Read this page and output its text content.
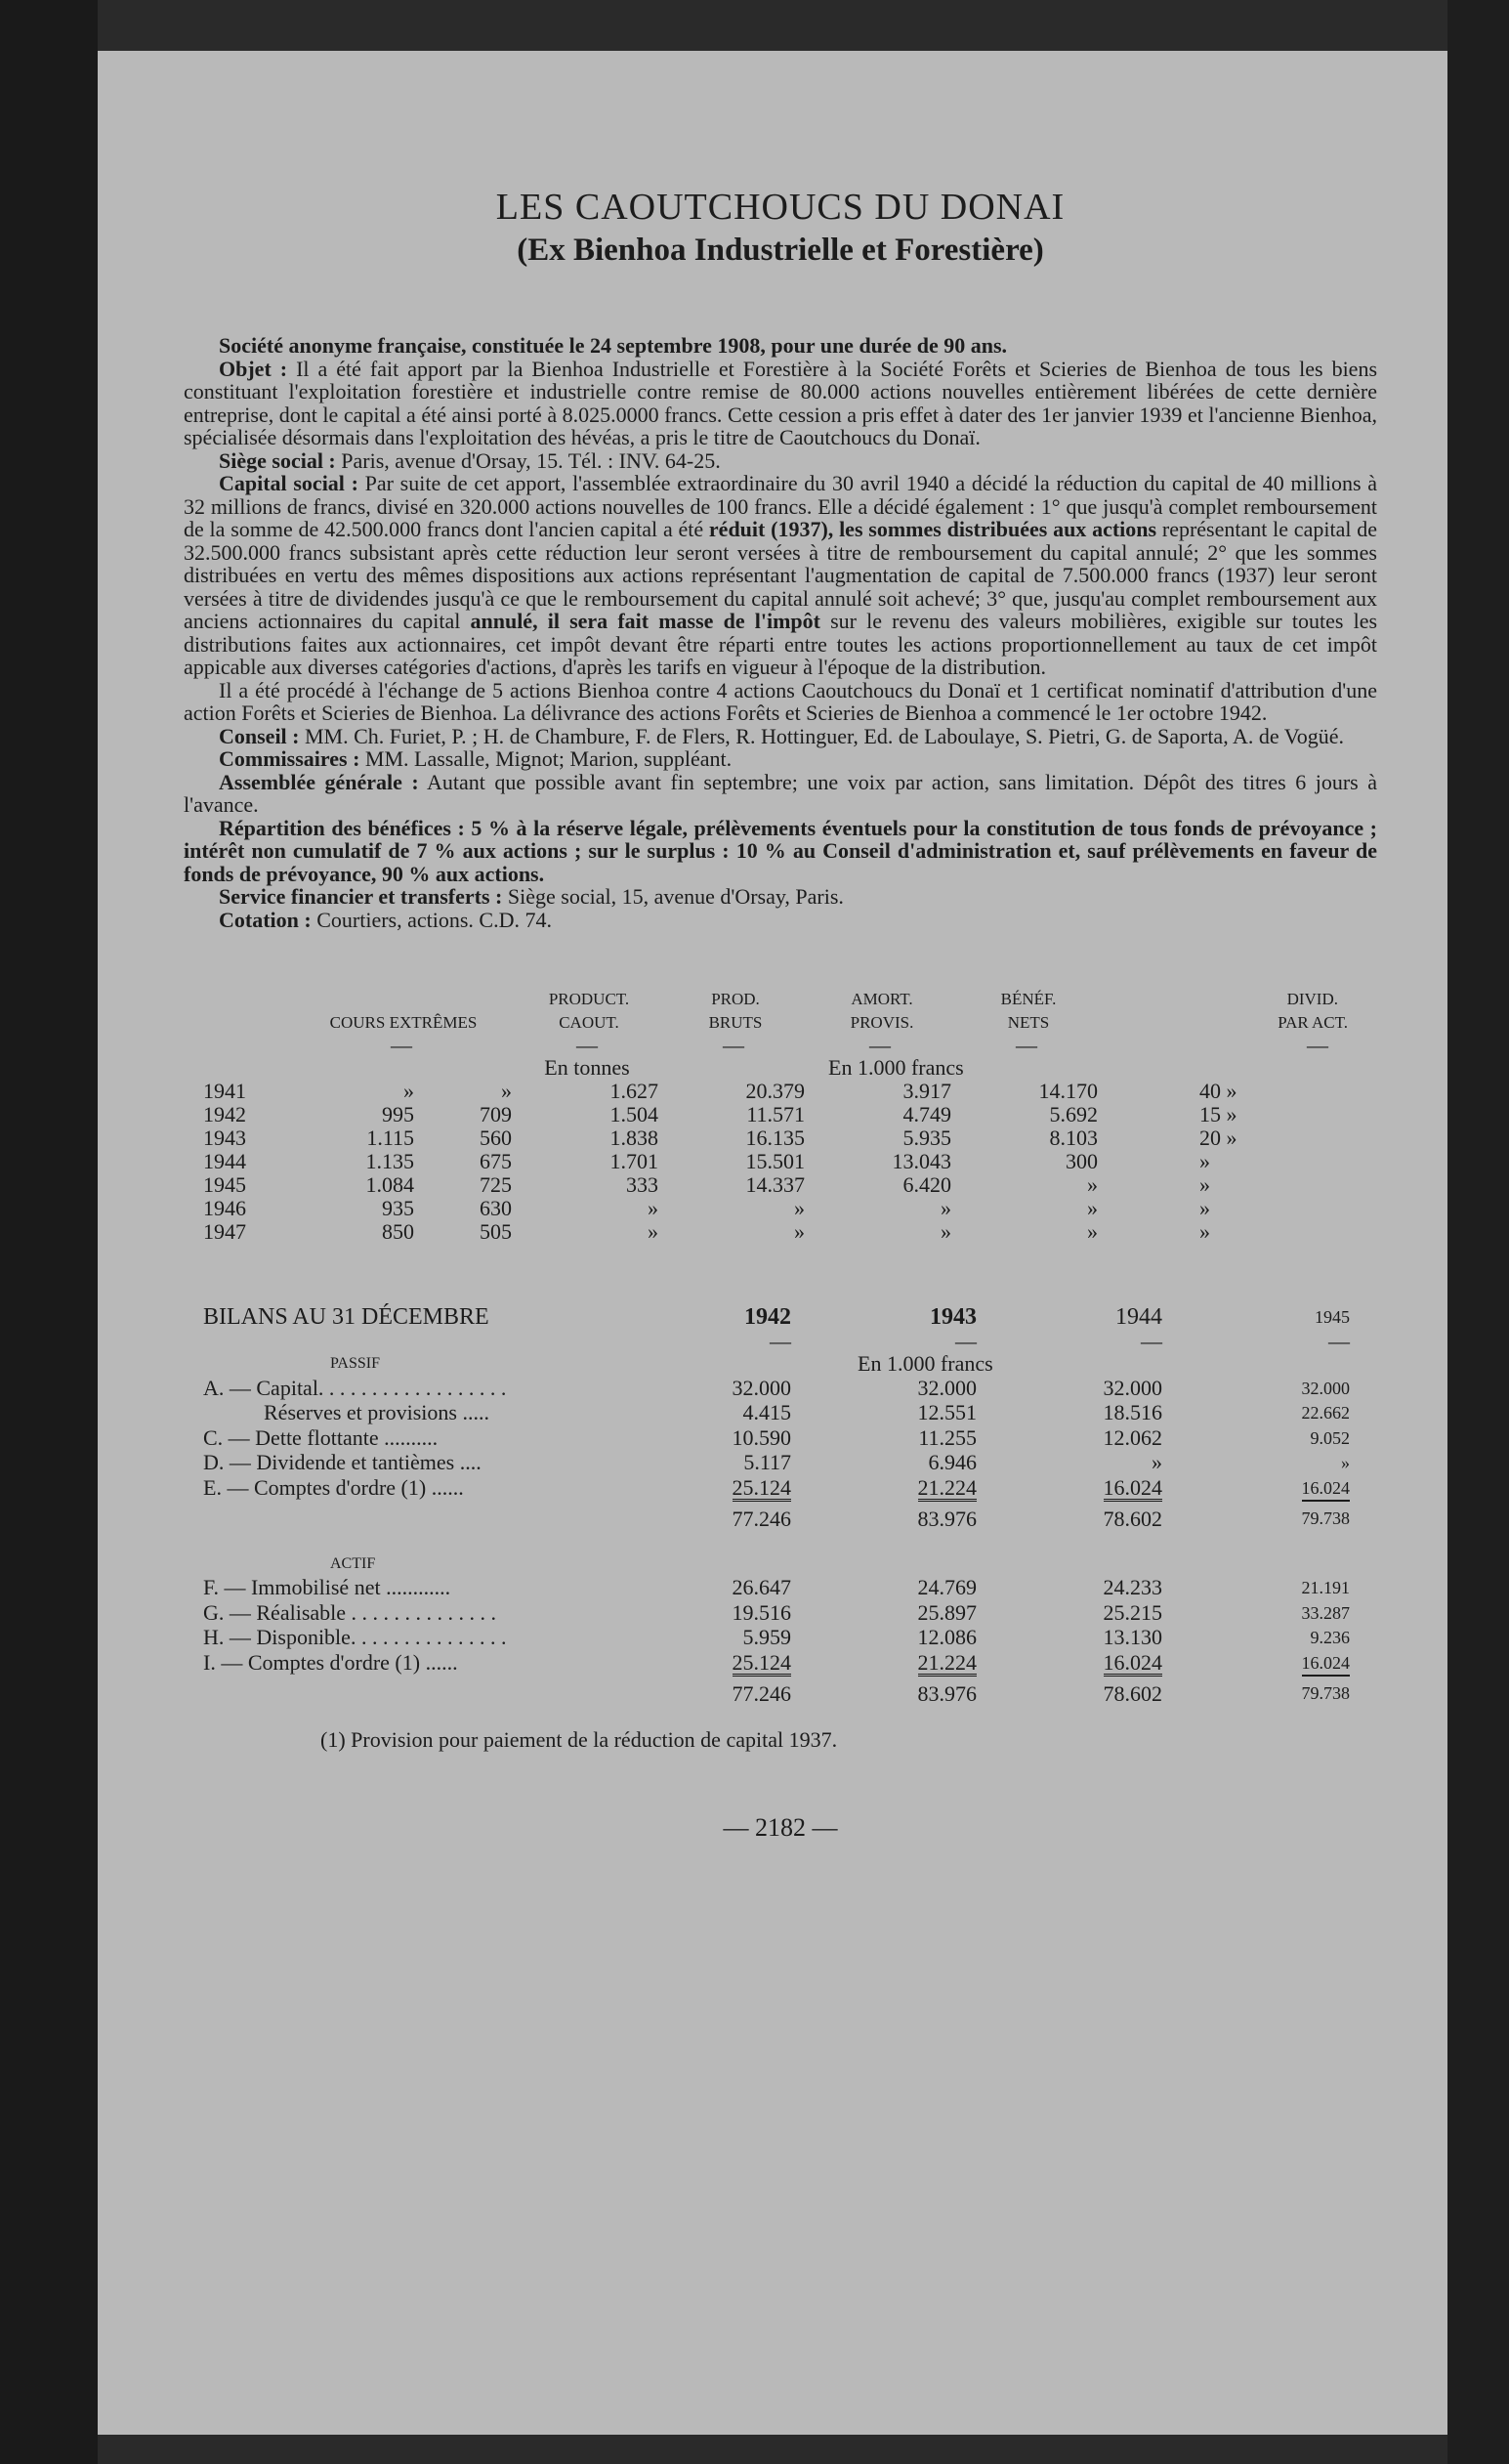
LES CAOUTCHOUCS DU DONAI
(Ex Bienhoa Industrielle et Forestière)

Société anonyme française, constituée le 24 septembre 1908, pour une durée de 90 ans.

Objet : Il a été fait apport par la Bienhoa Industrielle et Forestière à la Société Forêts et Scieries de Bienhoa de tous les biens constituant l'exploitation forestière et industrielle contre remise de 80.000 actions nouvelles entièrement libérées de cette dernière entreprise, dont le capital a été ainsi porté à 8.025.0000 francs. Cette cession a pris effet à dater des 1er janvier 1939 et l'ancienne Bienhoa, spécialisée désormais dans l'exploitation des hévéas, a pris le titre de Caoutchoucs du Donaï.

Siège social : Paris, avenue d'Orsay, 15. Tél. : INV. 64-25.

Capital social : Par suite de cet apport, l'assemblée extraordinaire du 30 avril 1940 a décidé la réduction du capital de 40 millions à 32 millions de francs, divisé en 320.000 actions nouvelles de 100 francs. Elle a décidé également : 1° que jusqu'à complet remboursement de la somme de 42.500.000 francs dont l'ancien capital a été réduit (1937), les sommes distribuées aux actions représentant le capital de 32.500.000 francs subsistant après cette réduction leur seront versées à titre de remboursement du capital annulé; 2° que les sommes distribuées en vertu des mêmes dispositions aux actions représentant l'augmentation de capital de 7.500.000 francs (1937) leur seront versées à titre de dividendes jusqu'à ce que le remboursement du capital annulé soit achevé; 3° que, jusqu'au complet remboursement aux anciens actionnaires du capital annulé, il sera fait masse de l'impôt sur le revenu des valeurs mobilières, exigible sur toutes les distributions faites aux actionnaires, cet impôt devant être réparti entre toutes les actions proportionnellement au taux de cet impôt appicable aux diverses catégories d'actions, d'après les tarifs en vigueur à l'époque de la distribution.

Il a été procédé à l'échange de 5 actions Bienhoa contre 4 actions Caoutchoucs du Donaï et 1 certificat nominatif d'attribution d'une action Forêts et Scieries de Bienhoa. La délivrance des actions Forêts et Scieries de Bienhoa a commencé le 1er octobre 1942.

Conseil : MM. Ch. Furiet, P. ; H. de Chambure, F. de Flers, R. Hottinguer, Ed. de Laboulaye, S. Pietri, G. de Saporta, A. de Vogüé.

Commissaires : MM. Lassalle, Mignot; Marion, suppléant.

Assemblée générale : Autant que possible avant fin septembre; une voix par action, sans limitation. Dépôt des titres 6 jours à l'avance.

Répartition des bénéfices : 5 % à la réserve légale, prélèvements éventuels pour la constitution de tous fonds de prévoyance ; intérêt non cumulatif de 7 % aux actions ; sur le surplus : 10 % au Conseil d'administration et, sauf prélèvements en faveur de fonds de prévoyance, 90 % aux actions.

Service financier et transferts : Siège social, 15, avenue d'Orsay, Paris.

Cotation : Courtiers, actions. C.D. 74.

			PRODUCT.	PROD.	AMORT.	BÉNÉF.	DIVID.
	COURS EXTRÊMES		CAOUT.	BRUTS	PROVIS.	NETS	PAR ACT.
	—		—	—	—	—	—
			En tonnes		En 1.000 francs		
1941	»	»	1.627	20.379	3.917	14.170	40 »
1942	995	709	1.504	11.571	4.749	5.692	15 »
1943	1.115	560	1.838	16.135	5.935	8.103	20 »
1944	1.135	675	1.701	15.501	13.043	300	»
1945	1.084	725	333	14.337	6.420	»	»
1946	935	630	»	»	»	»	»
1947	850	505	»	»	»	»	»
BILANS AU 31 DÉCEMBRE	1942	1943	1944	1945
	—	—	—	—
PASSIF		En 1.000 francs		
A. — Capital. . . . . . . . . . . . . . . . . .	32.000	32.000	32.000	32.000
Réserves et provisions .....	4.415	12.551	18.516	22.662
C. — Dette flottante ..........	10.590	11.255	12.062	9.052
D. — Dividende et tantièmes ....	5.117	6.946	»	»
E. — Comptes d'ordre (1) ......	25.124	21.224	16.024	16.024
	77.246	83.976	78.602	79.738
ACTIF				
F. — Immobilisé net ............	26.647	24.769	24.233	21.191
G. — Réalisable . . . . . . . . . . . . . .	19.516	25.897	25.215	33.287
H. — Disponible. . . . . . . . . . . . . . .	5.959	12.086	13.130	9.236
I. — Comptes d'ordre (1) ......	25.124	21.224	16.024	16.024
	77.246	83.976	78.602	79.738
(1) Provision pour paiement de la réduction de capital 1937.
— 2182 —
